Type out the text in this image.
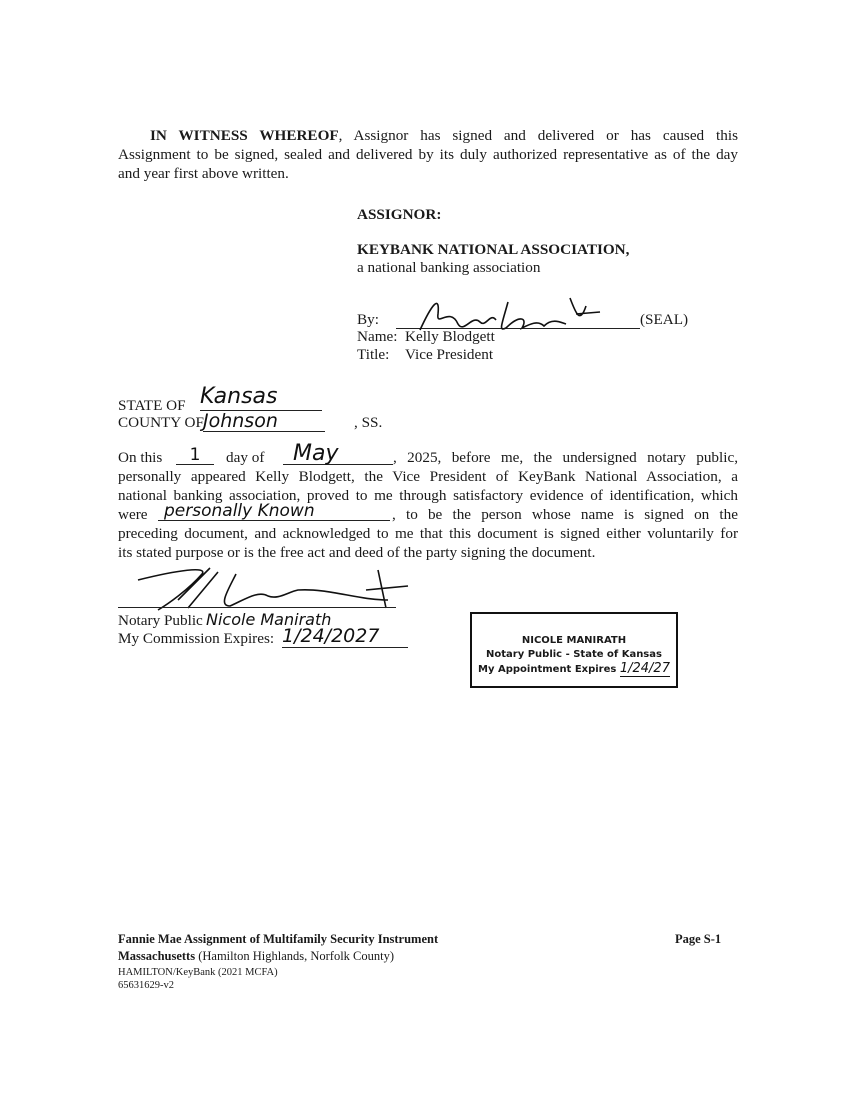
IN WITNESS WHEREOF, Assignor has signed and delivered or has caused this
Assignment to be signed, sealed and delivered by its duly authorized representative as of the day
and year first above written.
ASSIGNOR:
KEYBANK NATIONAL ASSOCIATION,
a national banking association
By:	(SEAL)
Name: Kelly Blodgett
Title: Vice President
STATE OF Kansas
COUNTY OF Johnson	, SS.
On this	1	day of	May	, 2025, before me, the undersigned notary public,
personally appeared Kelly Blodgett, the Vice President of KeyBank National Association, a
national banking association, proved to me through satisfactory evidence of identification, which
were personally Known	, to be the person whose name is signed on the
preceding document, and acknowledged to me that this document is signed either voluntarily for
its stated purpose or is the free act and deed of the party signing the document.
Notary Public Nicole Manirath
My Commission Expires: 1/24/2027	NICOLE MANIRATH
Notary Public - State of Kansas
My Appointment Expires 1/24/27
Fannie Mae Assignment of Multifamily Security Instrument	Page S-1
Massachusetts (Hamilton Highlands, Norfolk County)
HAMILTON/KeyBank (2021 MCFA)
65631629-v2
